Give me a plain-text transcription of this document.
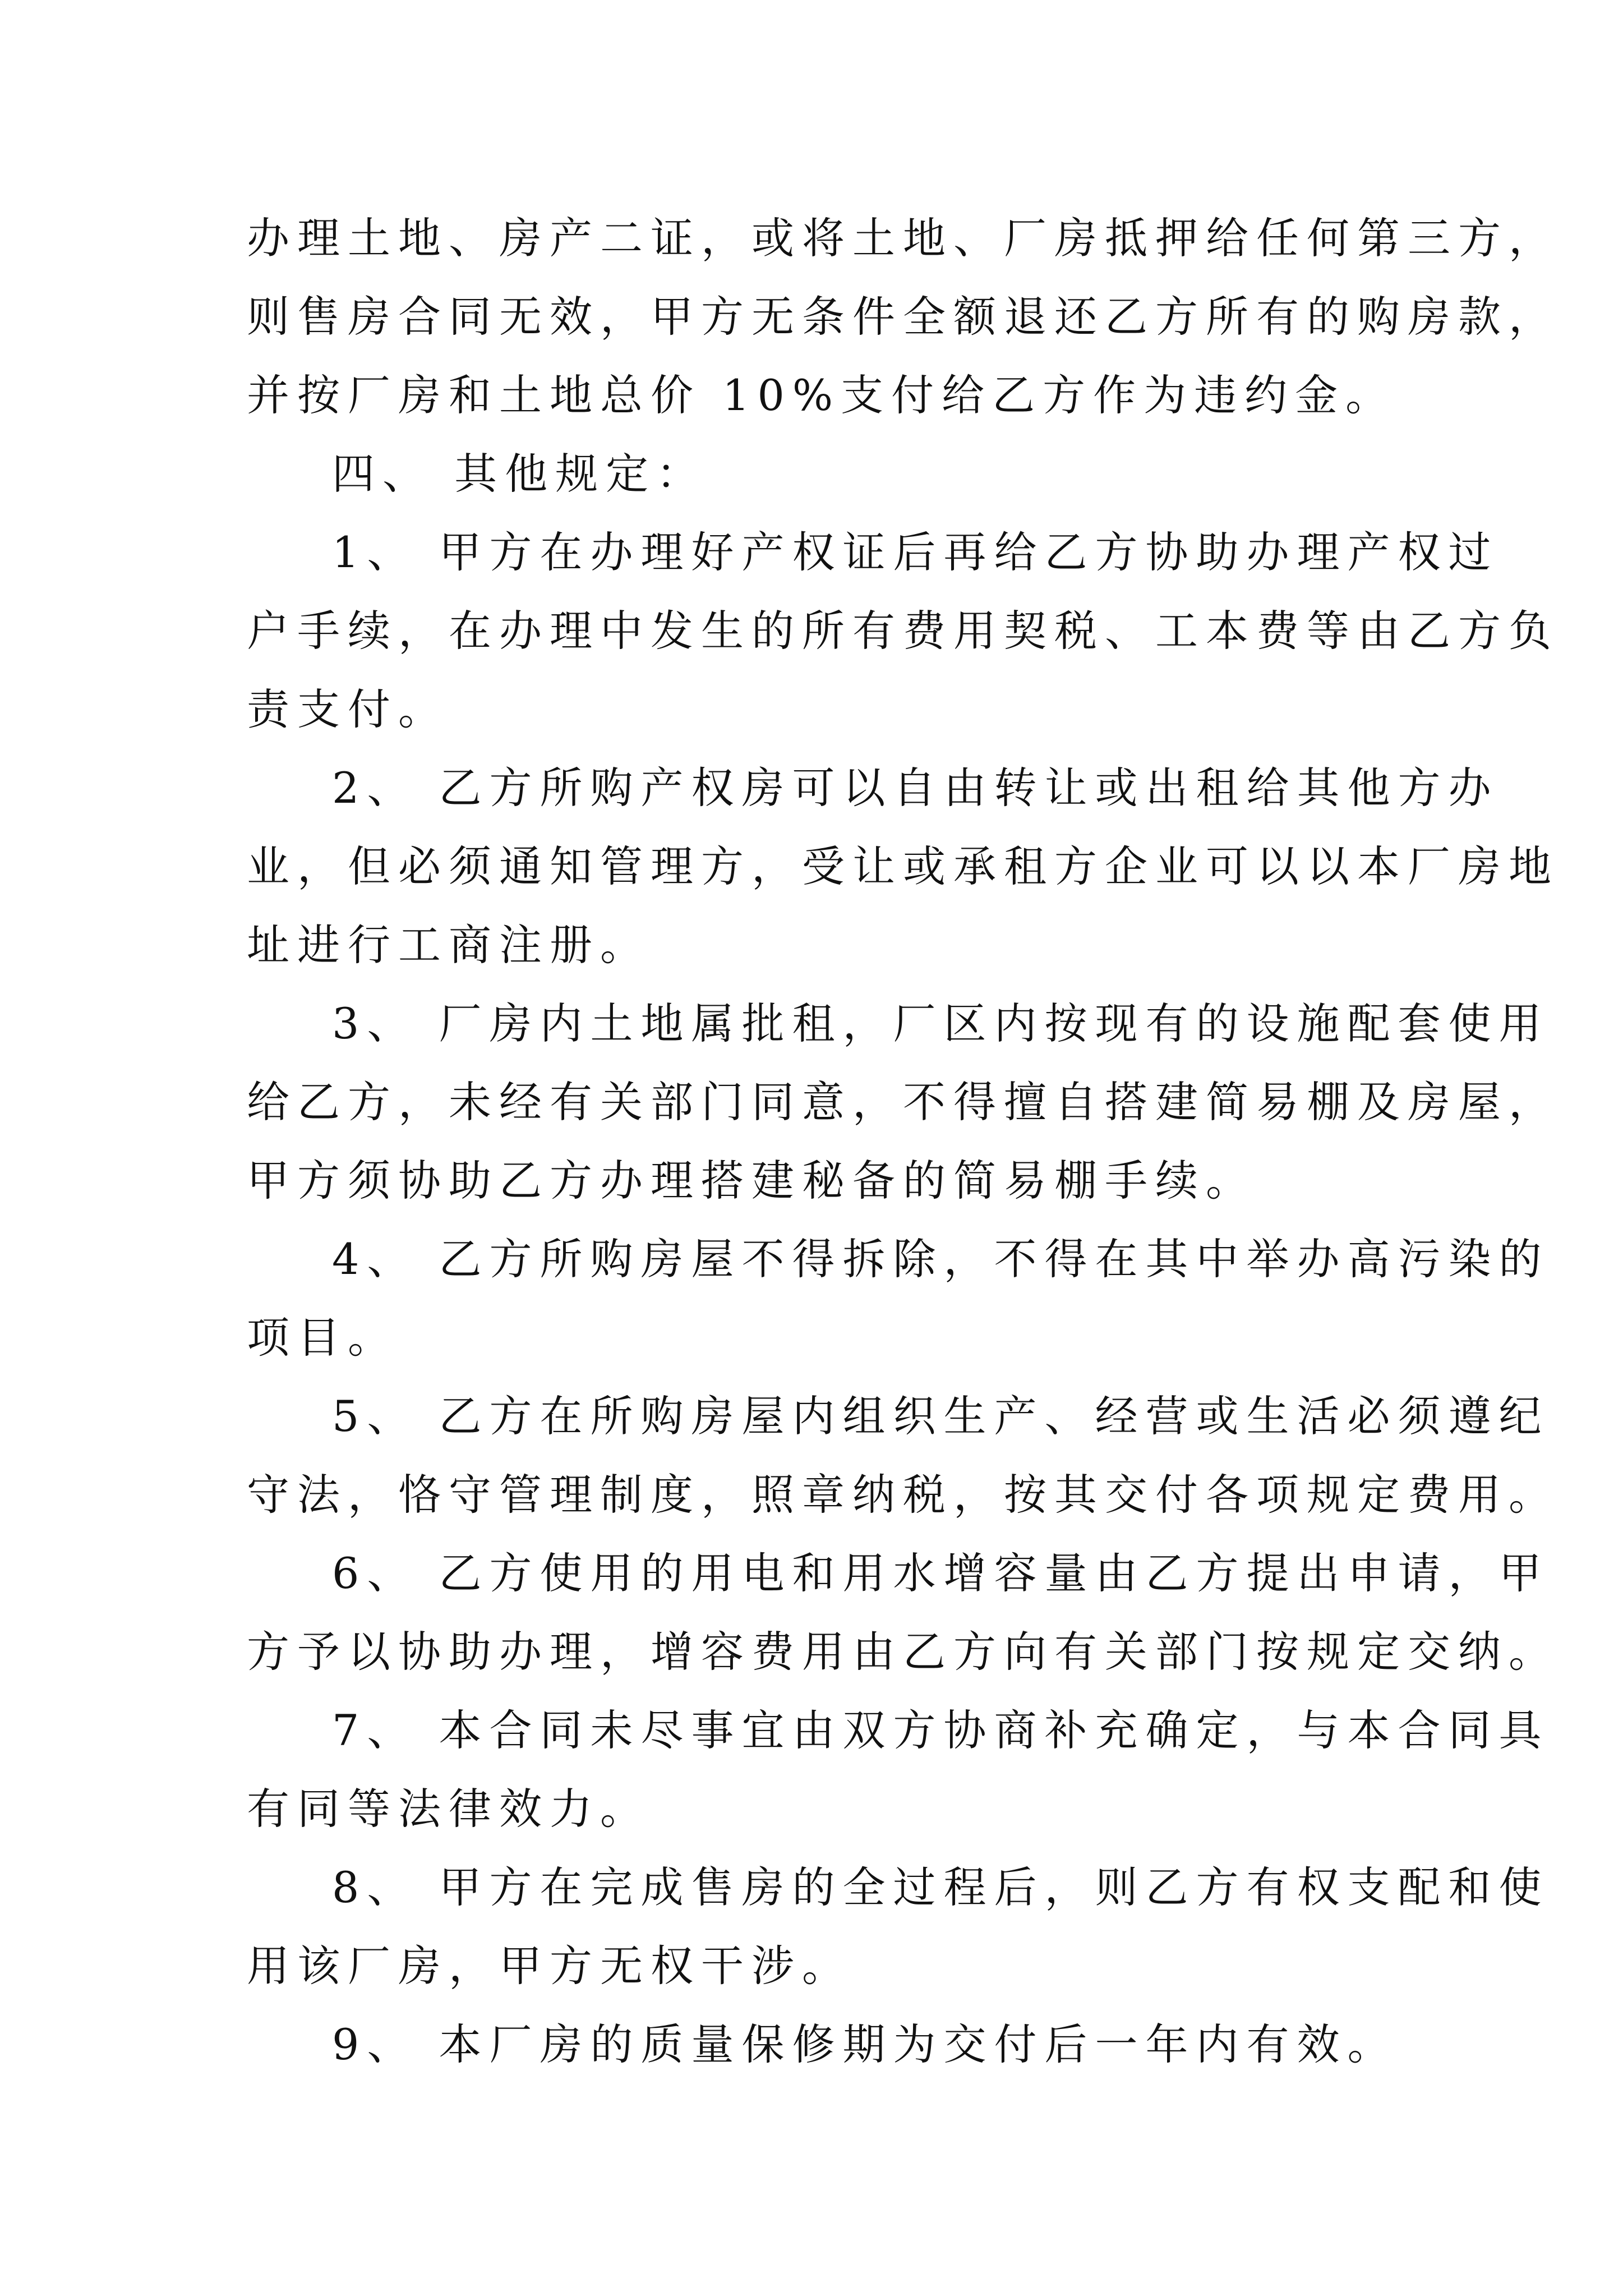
办理土地、房产二证，或将土地、厂房抵押给任何第三方，
则售房合同无效，甲方无条件全额退还乙方所有的购房款，
并按厂房和土地总价 10%支付给乙方作为违约金。
四、 其他规定：
1、 甲方在办理好产权证后再给乙方协助办理产权过
户手续，在办理中发生的所有费用契税、工本费等由乙方负
责支付。
2、 乙方所购产权房可以自由转让或出租给其他方办
业，但必须通知管理方，受让或承租方企业可以以本厂房地
址进行工商注册。
3、 厂房内土地属批租，厂区内按现有的设施配套使用
给乙方，未经有关部门同意，不得擅自搭建简易棚及房屋，
甲方须协助乙方办理搭建秘备的简易棚手续。
4、 乙方所购房屋不得拆除，不得在其中举办高污染的
项目。
5、 乙方在所购房屋内组织生产、经营或生活必须遵纪
守法，恪守管理制度，照章纳税，按其交付各项规定费用。
6、 乙方使用的用电和用水增容量由乙方提出申请，甲
方予以协助办理，增容费用由乙方向有关部门按规定交纳。
7、 本合同未尽事宜由双方协商补充确定，与本合同具
有同等法律效力。
8、 甲方在完成售房的全过程后，则乙方有权支配和使
用该厂房，甲方无权干涉。
9、 本厂房的质量保修期为交付后一年内有效。
